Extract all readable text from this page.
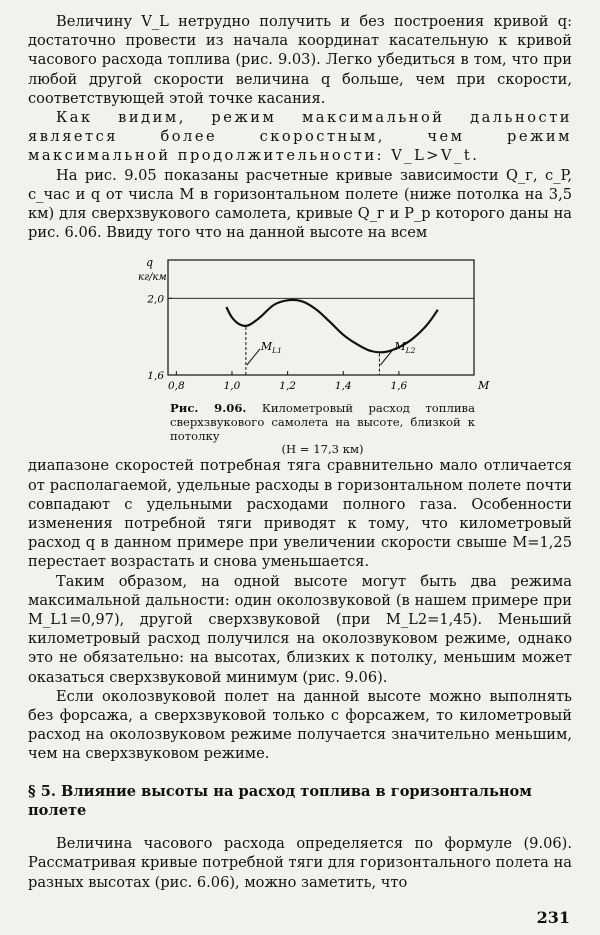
Величину V_L нетрудно получить и без построения кривой q: достаточно провести из начала координат касательную к кривой часового расхода топлива (рис. 9.03). Легко убедиться в том, что при любой другой скорости величина q больше, чем при скорости, соответствующей этой точке касания.

Как видим, режим максимальной дальности является более скоростным, чем режим максимальной продолжительности: V_L>V_t.

На рис. 9.05 показаны расчетные кривые зависимости Q_г, c_P, c_час и q от числа M в горизонтальном полете (ниже потолка на 3,5 км) для сверхзвукового самолета, кривые Q_г и P_р которого даны на рис. 6.06. Ввиду того что на данной высоте на всем

q
кг/км
0,8	1,0	1,2	1,4	1,6
1,6
2,0
$M_{L1}$	$M_{L2}$
M
Рис. 9.06. Километровый расход топлива сверхзвукового самолета на высоте, близкой к потолку
(H = 17,3 км)

диапазоне скоростей потребная тяга сравнительно мало отличается от располагаемой, удельные расходы в горизонтальном полете почти совпадают с удельными расходами полного газа. Особенности изменения потребной тяги приводят к тому, что километровый расход q в данном примере при увеличении скорости свыше M=1,25 перестает возрастать и снова уменьшается.

Таким образом, на одной высоте могут быть два режима максимальной дальности: один околозвуковой (в нашем примере при M_L1=0,97), другой сверхзвуковой (при M_L2=1,45). Меньший километровый расход получился на околозвуковом режиме, однако это не обязательно: на высотах, близких к потолку, меньшим может оказаться сверхзвуковой минимум (рис. 9.06).

Если околозвуковой полет на данной высоте можно выполнять без форсажа, а сверхзвуковой только с форсажем, то километровый расход на околозвуковом режиме получается значительно меньшим, чем на сверхзвуковом режиме.

§ 5. Влияние высоты на расход топлива в горизонтальном полете

Величина часового расхода определяется по формуле (9.06). Рассматривая кривые потребной тяги для горизонтального полета на разных высотах (рис. 6.06), можно заметить, что

231
